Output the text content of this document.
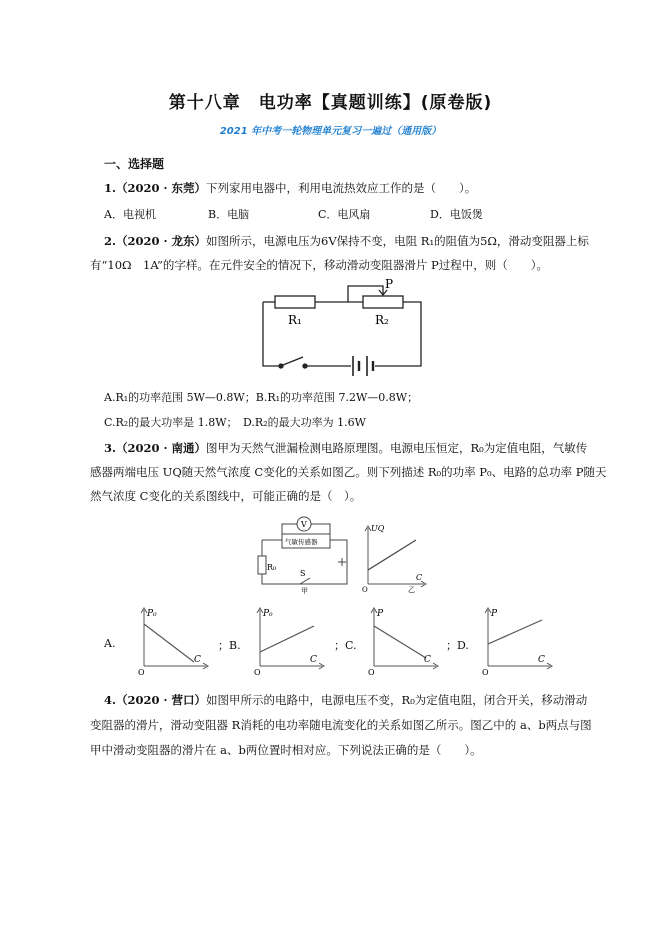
第十八章　电功率【真题训练】(原卷版)
2021 年中考一轮物理单元复习一遍过（通用版）
一、选择题
1.（2020 · 东莞）下列家用电器中，利用电流热效应工作的是（　　）。
A．电视机	B．电脑	C．电风扇	D．电饭煲
2.（2020 · 龙东）如图所示，电源电压为6V保持不变，电阻 R₁的阻值为5Ω，滑动变阻器上标
有“10Ω　1A”的字样。在元件安全的情况下，移动滑动变阻器滑片 P过程中，则（　　）。
P
R₁	R₂
A.R₁的功率范围 5W—0.8W；B.R₁的功率范围 7.2W—0.8W；
C.R₂的最大功率是 1.8W；　D.R₂的最大功率为 1.6W
3.（2020 · 南通）图甲为天然气泄漏检测电路原理图。电源电压恒定，R₀为定值电阻，气敏传
感器两端电压 UQ随天然气浓度 C变化的关系如图乙。则下列描述 R₀的功率 P₀、电路的总功率 P随天
然气浓度 C变化的关系图线中，可能正确的是（　）。
V
气敏传感器
R₀
S
甲
UQ
C
O	乙
A.
P₀
C
O
；B.
P₀
C
O
；C.
P
C
O
；D.
P
C
O
4.（2020 · 营口）如图甲所示的电路中，电源电压不变，R₀为定值电阻，闭合开关，移动滑动
变阻器的滑片，滑动变阻器 R消耗的电功率随电流变化的关系如图乙所示。图乙中的 a、b两点与图
甲中滑动变阻器的滑片在 a、b两位置时相对应。下列说法正确的是（　　）。
